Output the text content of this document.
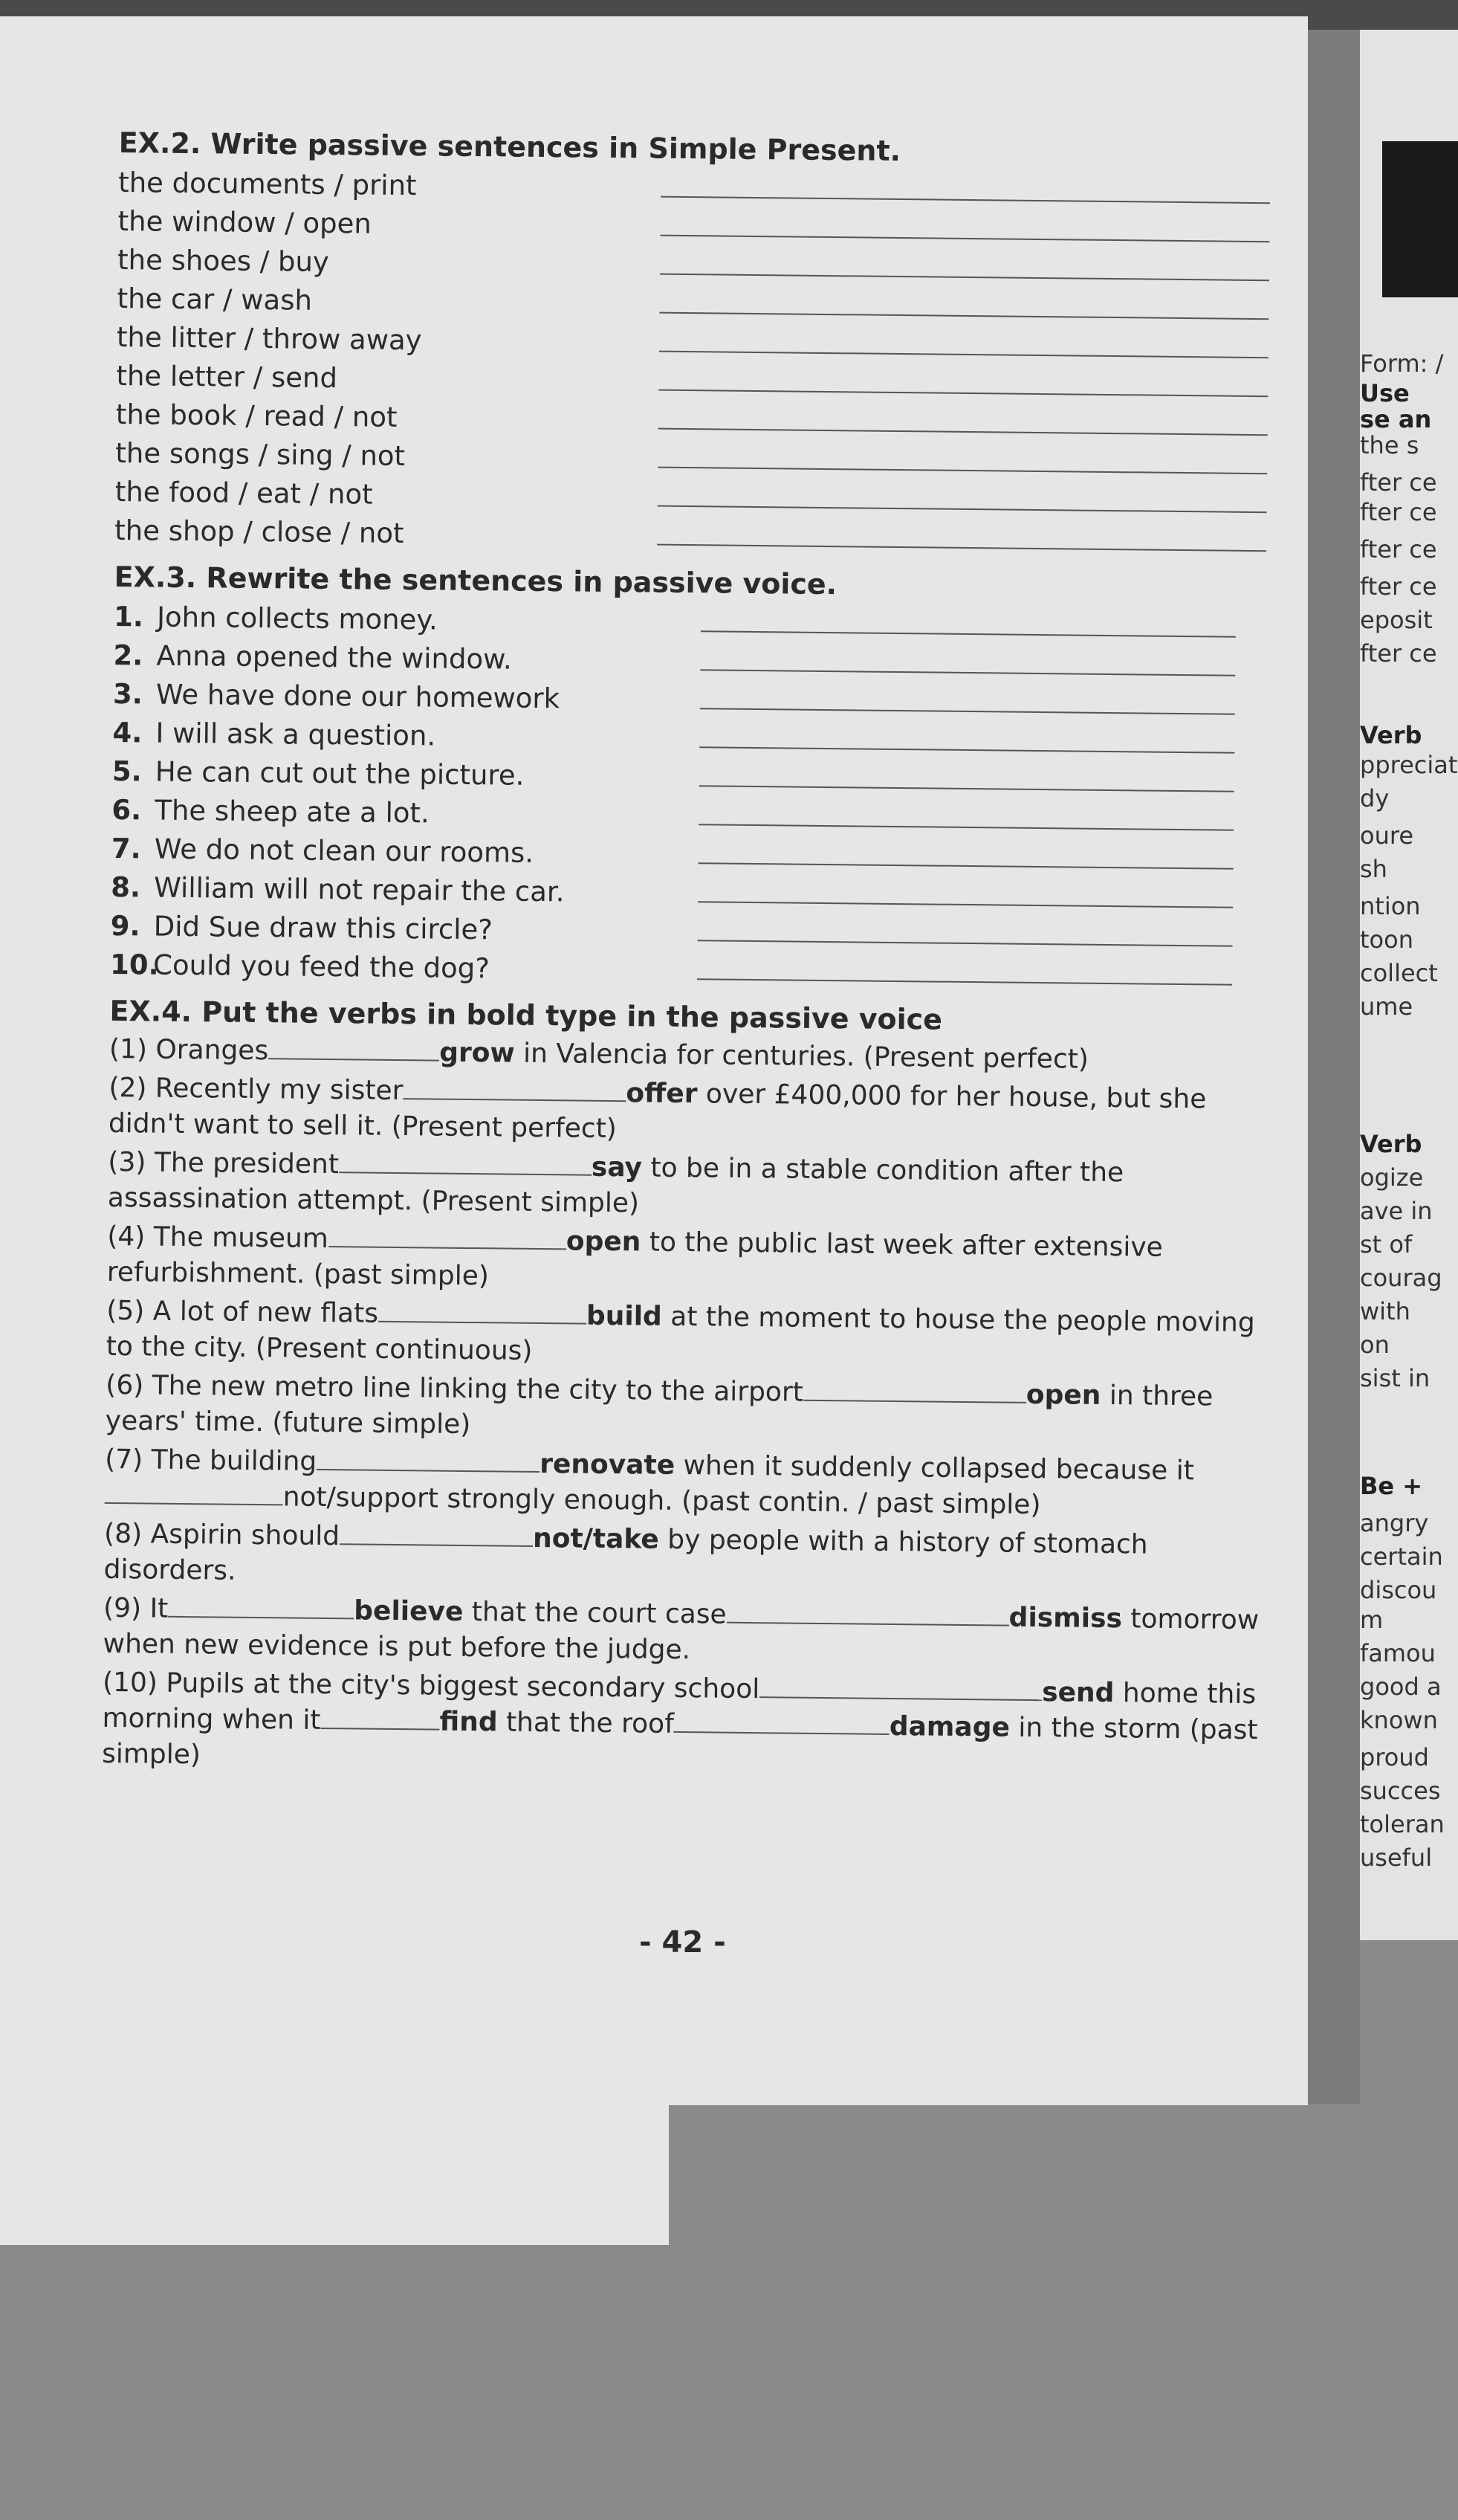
Form: /
Use
se an
the s
fter ce
fter ce
fter ce
fter ce
eposit
fter ce
Verb
ppreciat
dy
oure
sh
ntion
toon
collect
ume
Verb
ogize
ave in
st of
courag
with
on
sist in
Be +
angry
certain
discou
m
famou
good a
known
proud
succes
toleran
useful
EX.2. Write passive sentences in Simple Present.
the documents / print
the window / open
the shoes / buy
the car / wash
the litter / throw away
the letter / send
the book / read / not
the songs / sing / not
the food / eat / not
the shop / close / not
EX.3. Rewrite the sentences in passive voice.
1. John collects money.
2. Anna opened the window.
3. We have done our homework
4. I will ask a question.
5. He can cut out the picture.
6. The sheep ate a lot.
7. We do not clean our rooms.
8. William will not repair the car.
9. Did Sue draw this circle?
10.Could you feed the dog?
EX.4. Put the verbs in bold type in the passive voice

(1) Oranges	grow in Valencia for centuries. (Present perfect)

(2) Recently my sister	offer over £400,000 for her house, but she didn't want to sell it. (Present perfect)

(3) The president	say to be in a stable condition after the assassination attempt. (Present simple)

(4) The museum	open to the public last week after extensive refurbishment. (past simple)

(5) A lot of new flats	build at the moment to house the people moving to the city. (Present continuous)

(6) The new metro line linking the city to the airport	open in three years' time. (future simple)

(7) The building	renovate when it suddenly collapsed because itnot/support strongly enough. (past contin. / past simple)

(8) Aspirin should	not/take by people with a history of stomach disorders.

(9) It	believe that the court case	dismiss tomorrow when new evidence is put before the judge.

(10) Pupils at the city's biggest secondary school	send home this morning when it	find that the roof	damage in the storm (past simple)

- 42 -
